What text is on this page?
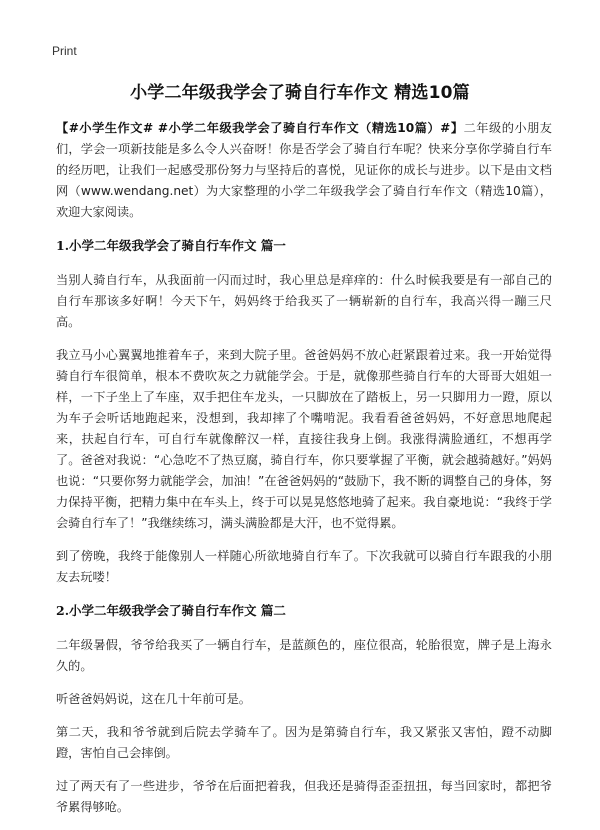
Print
小学二年级我学会了骑自行车作文 精选10篇

【#小学生作文# #小学二年级我学会了骑自行车作文（精选10篇）#】二年级的小朋友们，学会一项新技能是多么令人兴奋呀！你是否学会了骑自行车呢？快来分享你学骑自行车的经历吧，让我们一起感受那份努力与坚持后的喜悦，见证你的成长与进步。以下是由文档网（www.wendang.net）为大家整理的小学二年级我学会了骑自行车作文（精选10篇），欢迎大家阅读。

1.小学二年级我学会了骑自行车作文 篇一

当别人骑自行车，从我面前一闪而过时，我心里总是痒痒的：什么时候我要是有一部自己的自行车那该多好啊！今天下午，妈妈终于给我买了一辆崭新的自行车，我高兴得一蹦三尺高。

我立马小心翼翼地推着车子，来到大院子里。爸爸妈妈不放心赶紧跟着过来。我一开始觉得骑自行车很简单，根本不费吹灰之力就能学会。于是，就像那些骑自行车的大哥哥大姐姐一样，一下子坐上了车座，双手把住车龙头，一只脚放在了踏板上，另一只脚用力一蹬，原以为车子会听话地跑起来，没想到，我却摔了个嘴啃泥。我看看爸爸妈妈，不好意思地爬起来，扶起自行车，可自行车就像醉汉一样，直接往我身上倒。我涨得满脸通红，不想再学了。爸爸对我说：“心急吃不了热豆腐，骑自行车，你只要掌握了平衡，就会越骑越好。”妈妈也说：“只要你努力就能学会，加油！”在爸爸妈妈的“鼓励下，我不断的调整自己的身体，努力保持平衡，把精力集中在车头上，终于可以晃晃悠悠地骑了起来。我自豪地说：“我终于学会骑自行车了！”我继续练习，满头满脸都是大汗，也不觉得累。

到了傍晚，我终于能像别人一样随心所欲地骑自行车了。下次我就可以骑自行车跟我的小朋友去玩喽！

2.小学二年级我学会了骑自行车作文 篇二

二年级暑假，爷爷给我买了一辆自行车，是蓝颜色的，座位很高，轮胎很宽，牌子是上海永久的。

听爸爸妈妈说，这在几十年前可是。

第二天，我和爷爷就到后院去学骑车了。因为是第骑自行车，我又紧张又害怕，蹬不动脚蹬，害怕自己会摔倒。

过了两天有了一些进步，爷爷在后面把着我，但我还是骑得歪歪扭扭，每当回家时，都把爷爷累得够呛。
